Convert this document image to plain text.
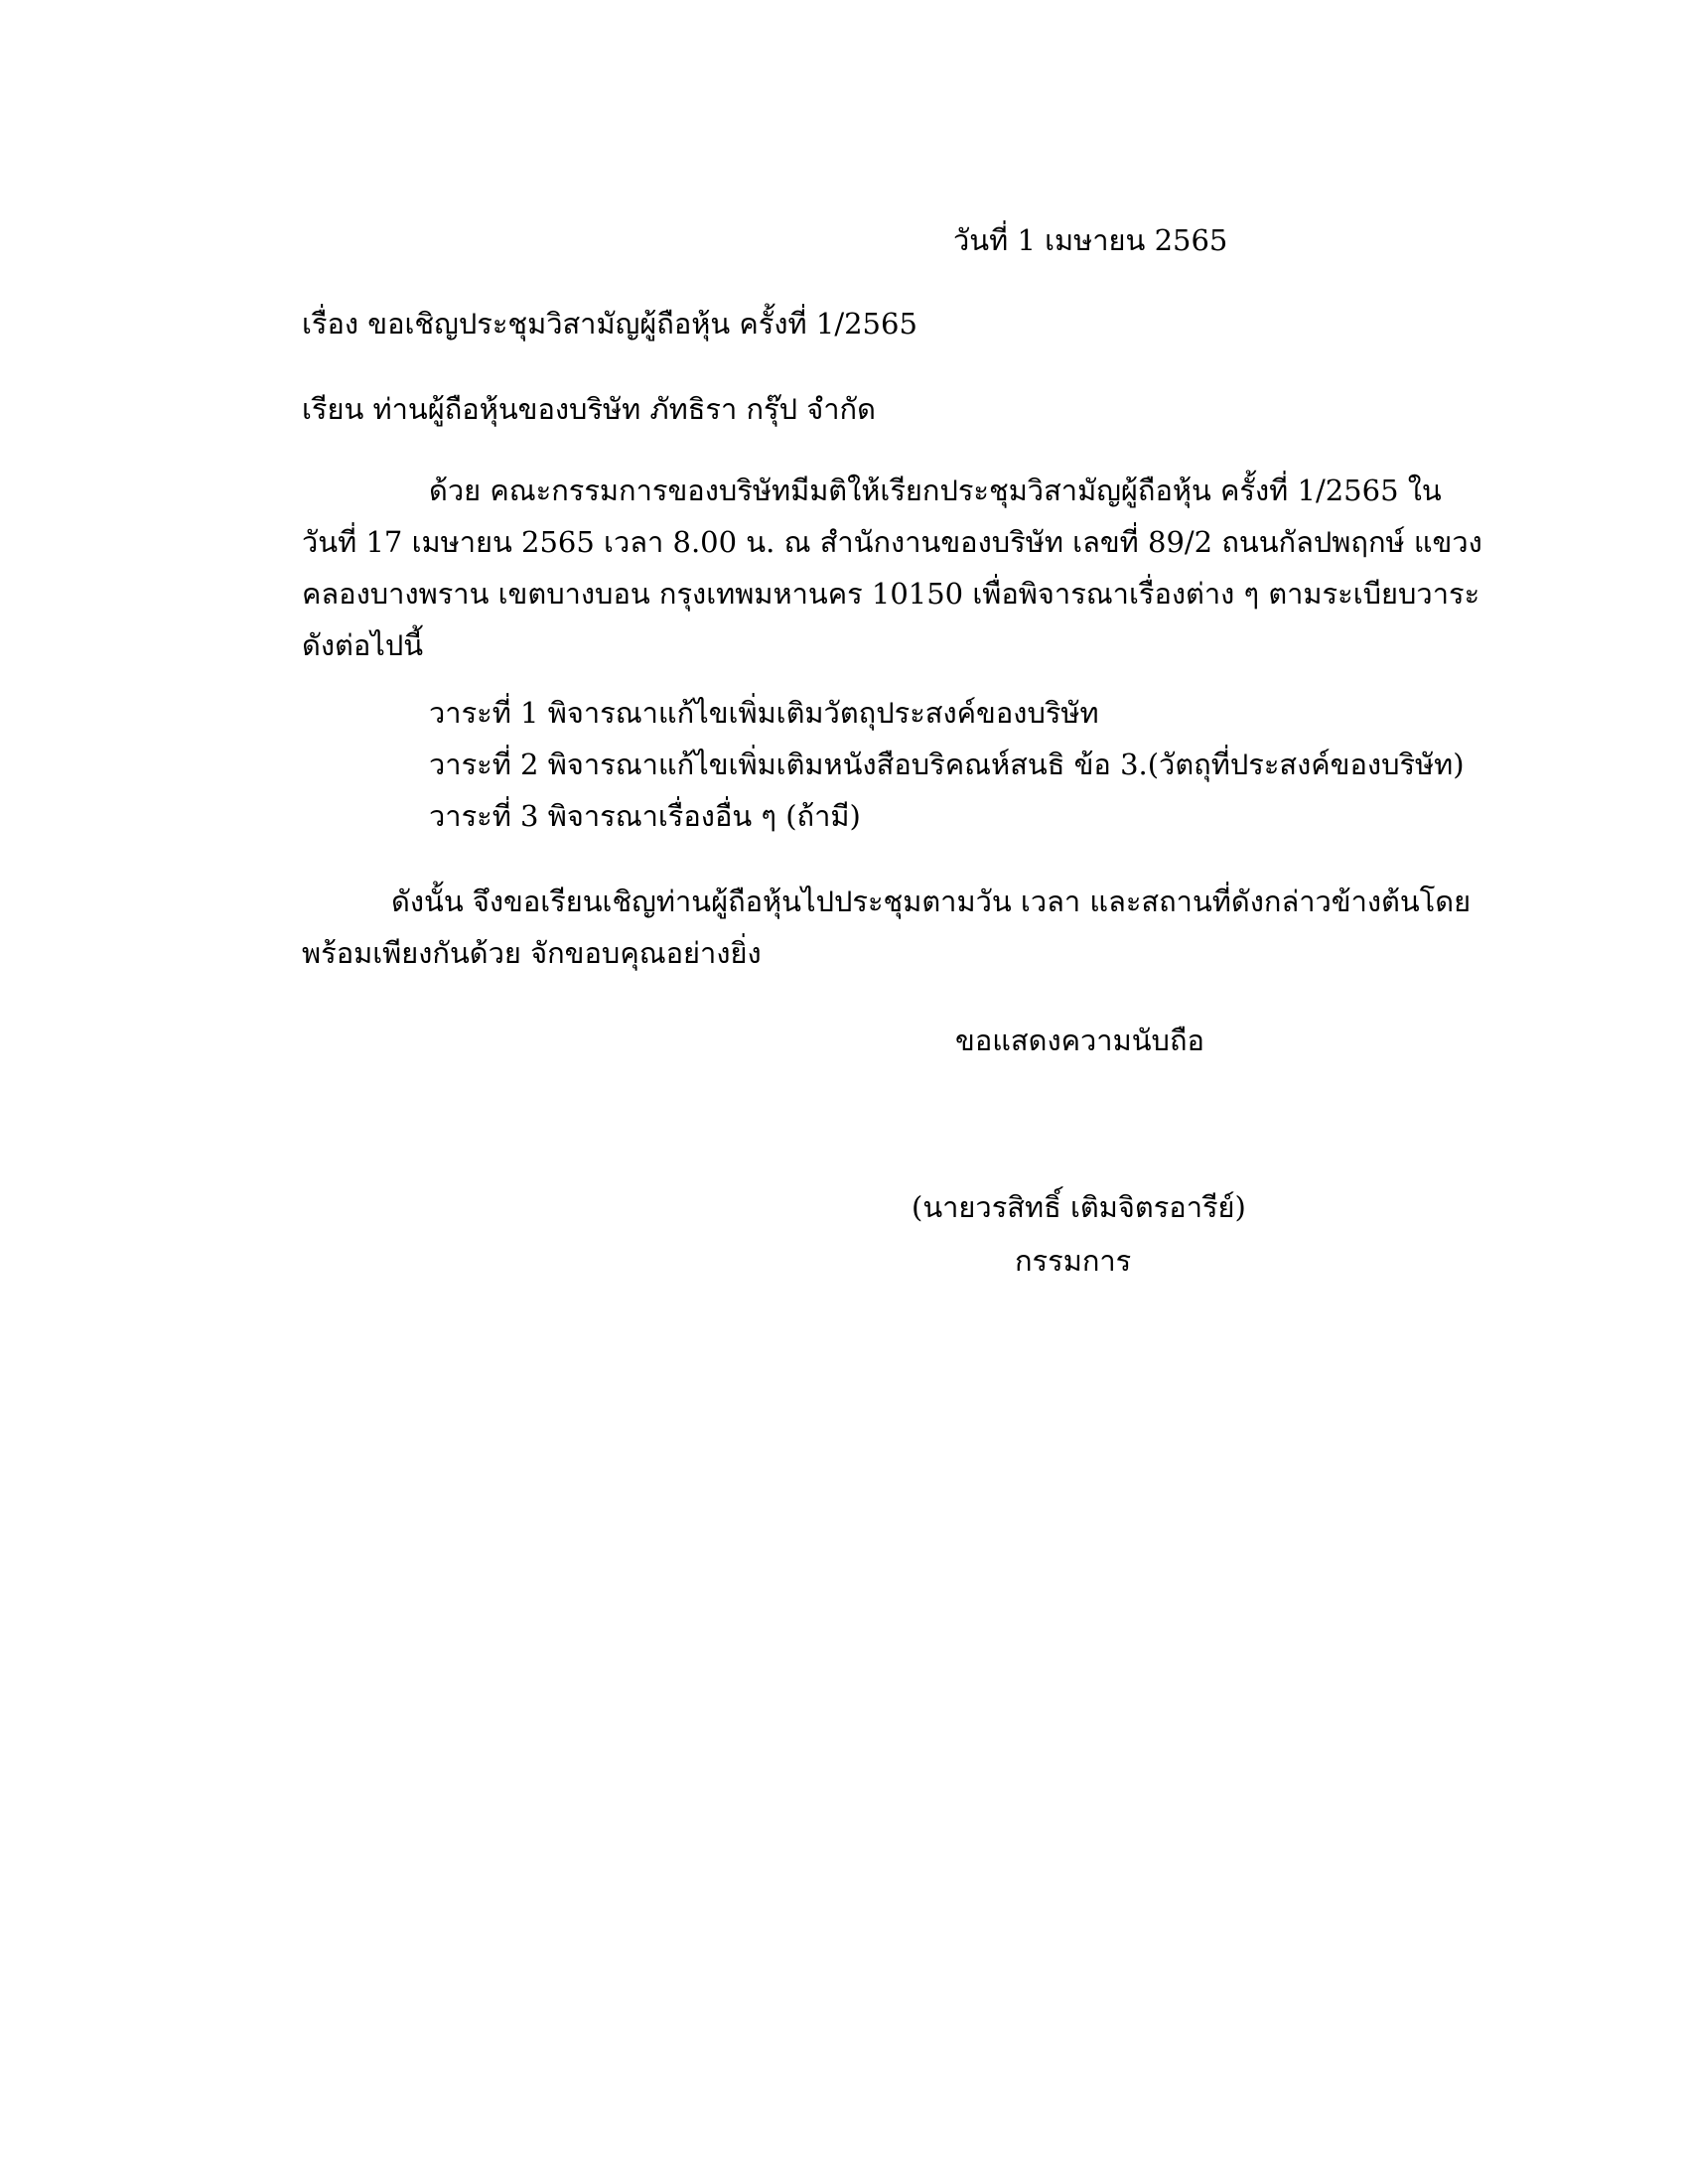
วันที่ 1 เมษายน 2565

เรื่อง ขอเชิญประชุมวิสามัญผู้ถือหุ้น ครั้งที่ 1/2565

เรียน ท่านผู้ถือหุ้นของบริษัท ภัทธิรา กรุ๊ป จำกัด

ด้วย คณะกรรมการของบริษัทมีมติให้เรียกประชุมวิสามัญผู้ถือหุ้น ครั้งที่ 1/2565 ใน

วันที่ 17 เมษายน 2565 เวลา 8.00 น. ณ สำนักงานของบริษัท เลขที่ 89/2 ถนนกัลปพฤกษ์ แขวง

คลองบางพราน เขตบางบอน กรุงเทพมหานคร 10150 เพื่อพิจารณาเรื่องต่าง ๆ ตามระเบียบวาระ

ดังต่อไปนี้

วาระที่ 1 พิจารณาแก้ไขเพิ่มเติมวัตถุประสงค์ของบริษัท

วาระที่ 2 พิจารณาแก้ไขเพิ่มเติมหนังสือบริคณห์สนธิ ข้อ 3.(วัตถุที่ประสงค์ของบริษัท)

วาระที่ 3 พิจารณาเรื่องอื่น ๆ (ถ้ามี)

ดังนั้น จึงขอเรียนเชิญท่านผู้ถือหุ้นไปประชุมตามวัน เวลา และสถานที่ดังกล่าวข้างต้นโดย

พร้อมเพียงกันด้วย จักขอบคุณอย่างยิ่ง

ขอแสดงความนับถือ

(นายวรสิทธิ์ เติมจิตรอารีย์)

กรรมการ
